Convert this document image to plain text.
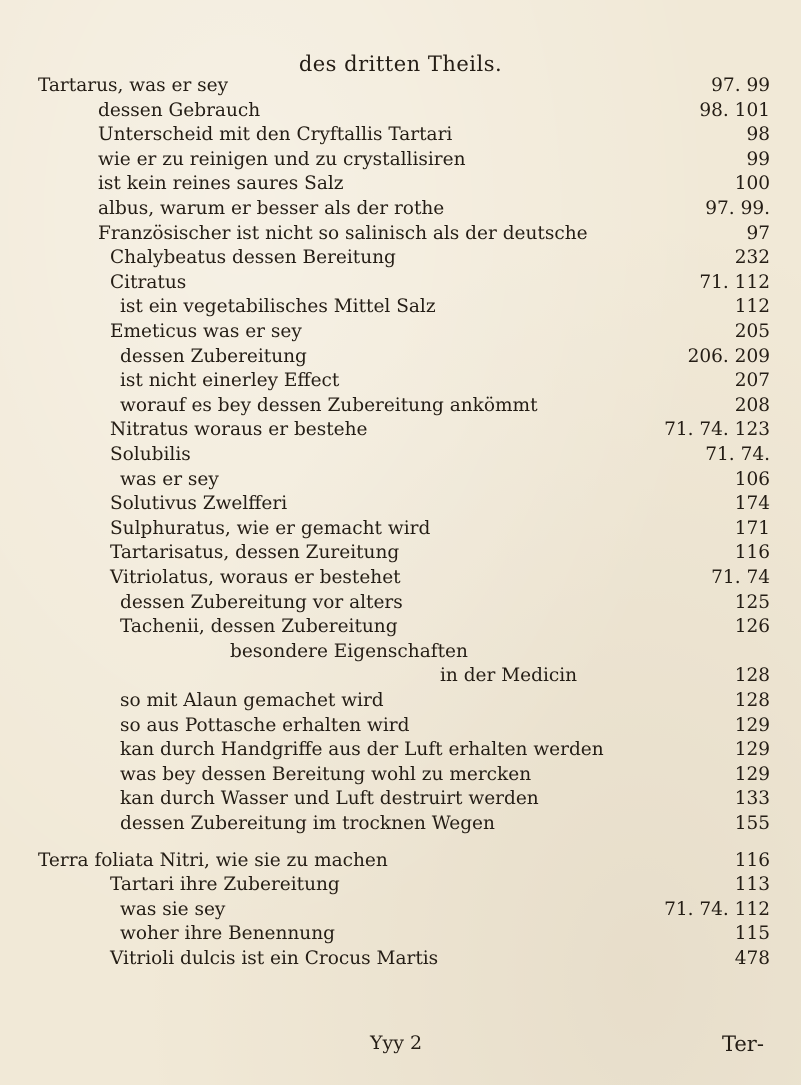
des dritten Theils.
Tartarus, was er sey	97. 99
dessen Gebrauch	98. 101
Unterscheid mit den Cryftallis Tartari	98
wie er zu reinigen und zu crystallisiren	99
ist kein reines saures Salz	100
albus, warum er besser als der rothe	97. 99.
Französischer ist nicht so salinisch als der deutsche	97
Chalybeatus dessen Bereitung	232
Citratus	71. 112
ist ein vegetabilisches Mittel Salz	112
Emeticus was er sey	205
dessen Zubereitung	206. 209
ist nicht einerley Effect	207
worauf es bey dessen Zubereitung ankömmt	208
Nitratus woraus er bestehe	71. 74. 123
Solubilis	71. 74.
was er sey	106
Solutivus Zwelfferi	174
Sulphuratus, wie er gemacht wird	171
Tartarisatus, dessen Zureitung	116
Vitriolatus, woraus er bestehet	71. 74
dessen Zubereitung vor alters	125
Tachenii, dessen Zubereitung	126
besondere Eigenschaften
in der Medicin	128
so mit Alaun gemachet wird	128
so aus Pottasche erhalten wird	129
kan durch Handgriffe aus der Luft erhalten werden	129
was bey dessen Bereitung wohl zu mercken	129
kan durch Wasser und Luft destruirt werden	133
dessen Zubereitung im trocknen Wegen	155
Terra foliata Nitri, wie sie zu machen	116
Tartari ihre Zubereitung	113
was sie sey	71. 74. 112
woher ihre Benennung	115
Vitrioli dulcis ist ein Crocus Martis	478
Yyy 2	Ter-
